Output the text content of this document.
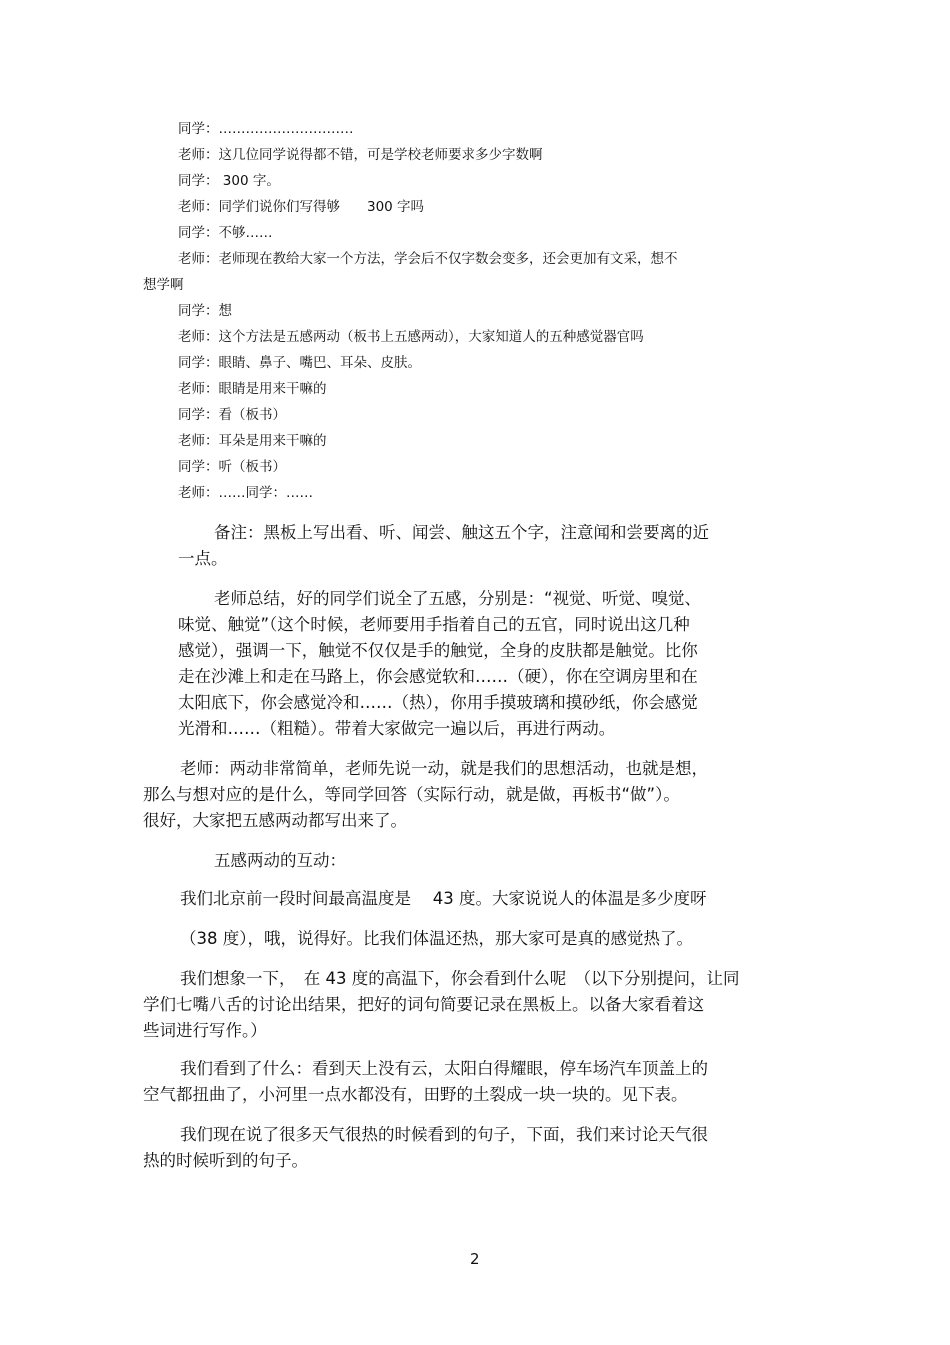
同学：…………………………
老师：这几位同学说得都不错，可是学校老师要求多少字数啊
同学： 300 字。
老师：同学们说你们写得够　　300 字吗
同学：不够……
老师：老师现在教给大家一个方法，学会后不仅字数会变多，还会更加有文采，想不
想学啊
同学：想
老师：这个方法是五感两动（板书上五感两动），大家知道人的五种感觉器官吗
同学：眼睛、鼻子、嘴巴、耳朵、皮肤。
老师：眼睛是用来干嘛的
同学：看（板书）
老师：耳朵是用来干嘛的
同学：听（板书）
老师：……同学：……
备注：黑板上写出看、听、闻尝、触这五个字，注意闻和尝要离的近
一点。
老师总结，好的同学们说全了五感，分别是：“视觉、听觉、嗅觉、
味觉、触觉”（这个时候，老师要用手指着自己的五官，同时说出这几种
感觉），强调一下，触觉不仅仅是手的触觉，全身的皮肤都是触觉。比你
走在沙滩上和走在马路上，你会感觉软和……（硬），你在空调房里和在
太阳底下，你会感觉冷和……（热），你用手摸玻璃和摸砂纸，你会感觉
光滑和……（粗糙）。带着大家做完一遍以后，再进行两动。
老师：两动非常简单，老师先说一动，就是我们的思想活动，也就是想，
那么与想对应的是什么，等同学回答（实际行动，就是做，再板书“做”）。
很好，大家把五感两动都写出来了。
五感两动的互动：
我们北京前一段时间最高温度是　 43 度。大家说说人的体温是多少度呀
（38 度），哦，说得好。比我们体温还热，那大家可是真的感觉热了。
我们想象一下，　在 43 度的高温下，你会看到什么呢　（以下分别提问，让同
学们七嘴八舌的讨论出结果，把好的词句简要记录在黑板上。以备大家看着这
些词进行写作。）
我们看到了什么：看到天上没有云，太阳白得耀眼，停车场汽车顶盖上的
空气都扭曲了，小河里一点水都没有，田野的土裂成一块一块的。见下表。
我们现在说了很多天气很热的时候看到的句子，下面，我们来讨论天气很
热的时候听到的句子。
2
